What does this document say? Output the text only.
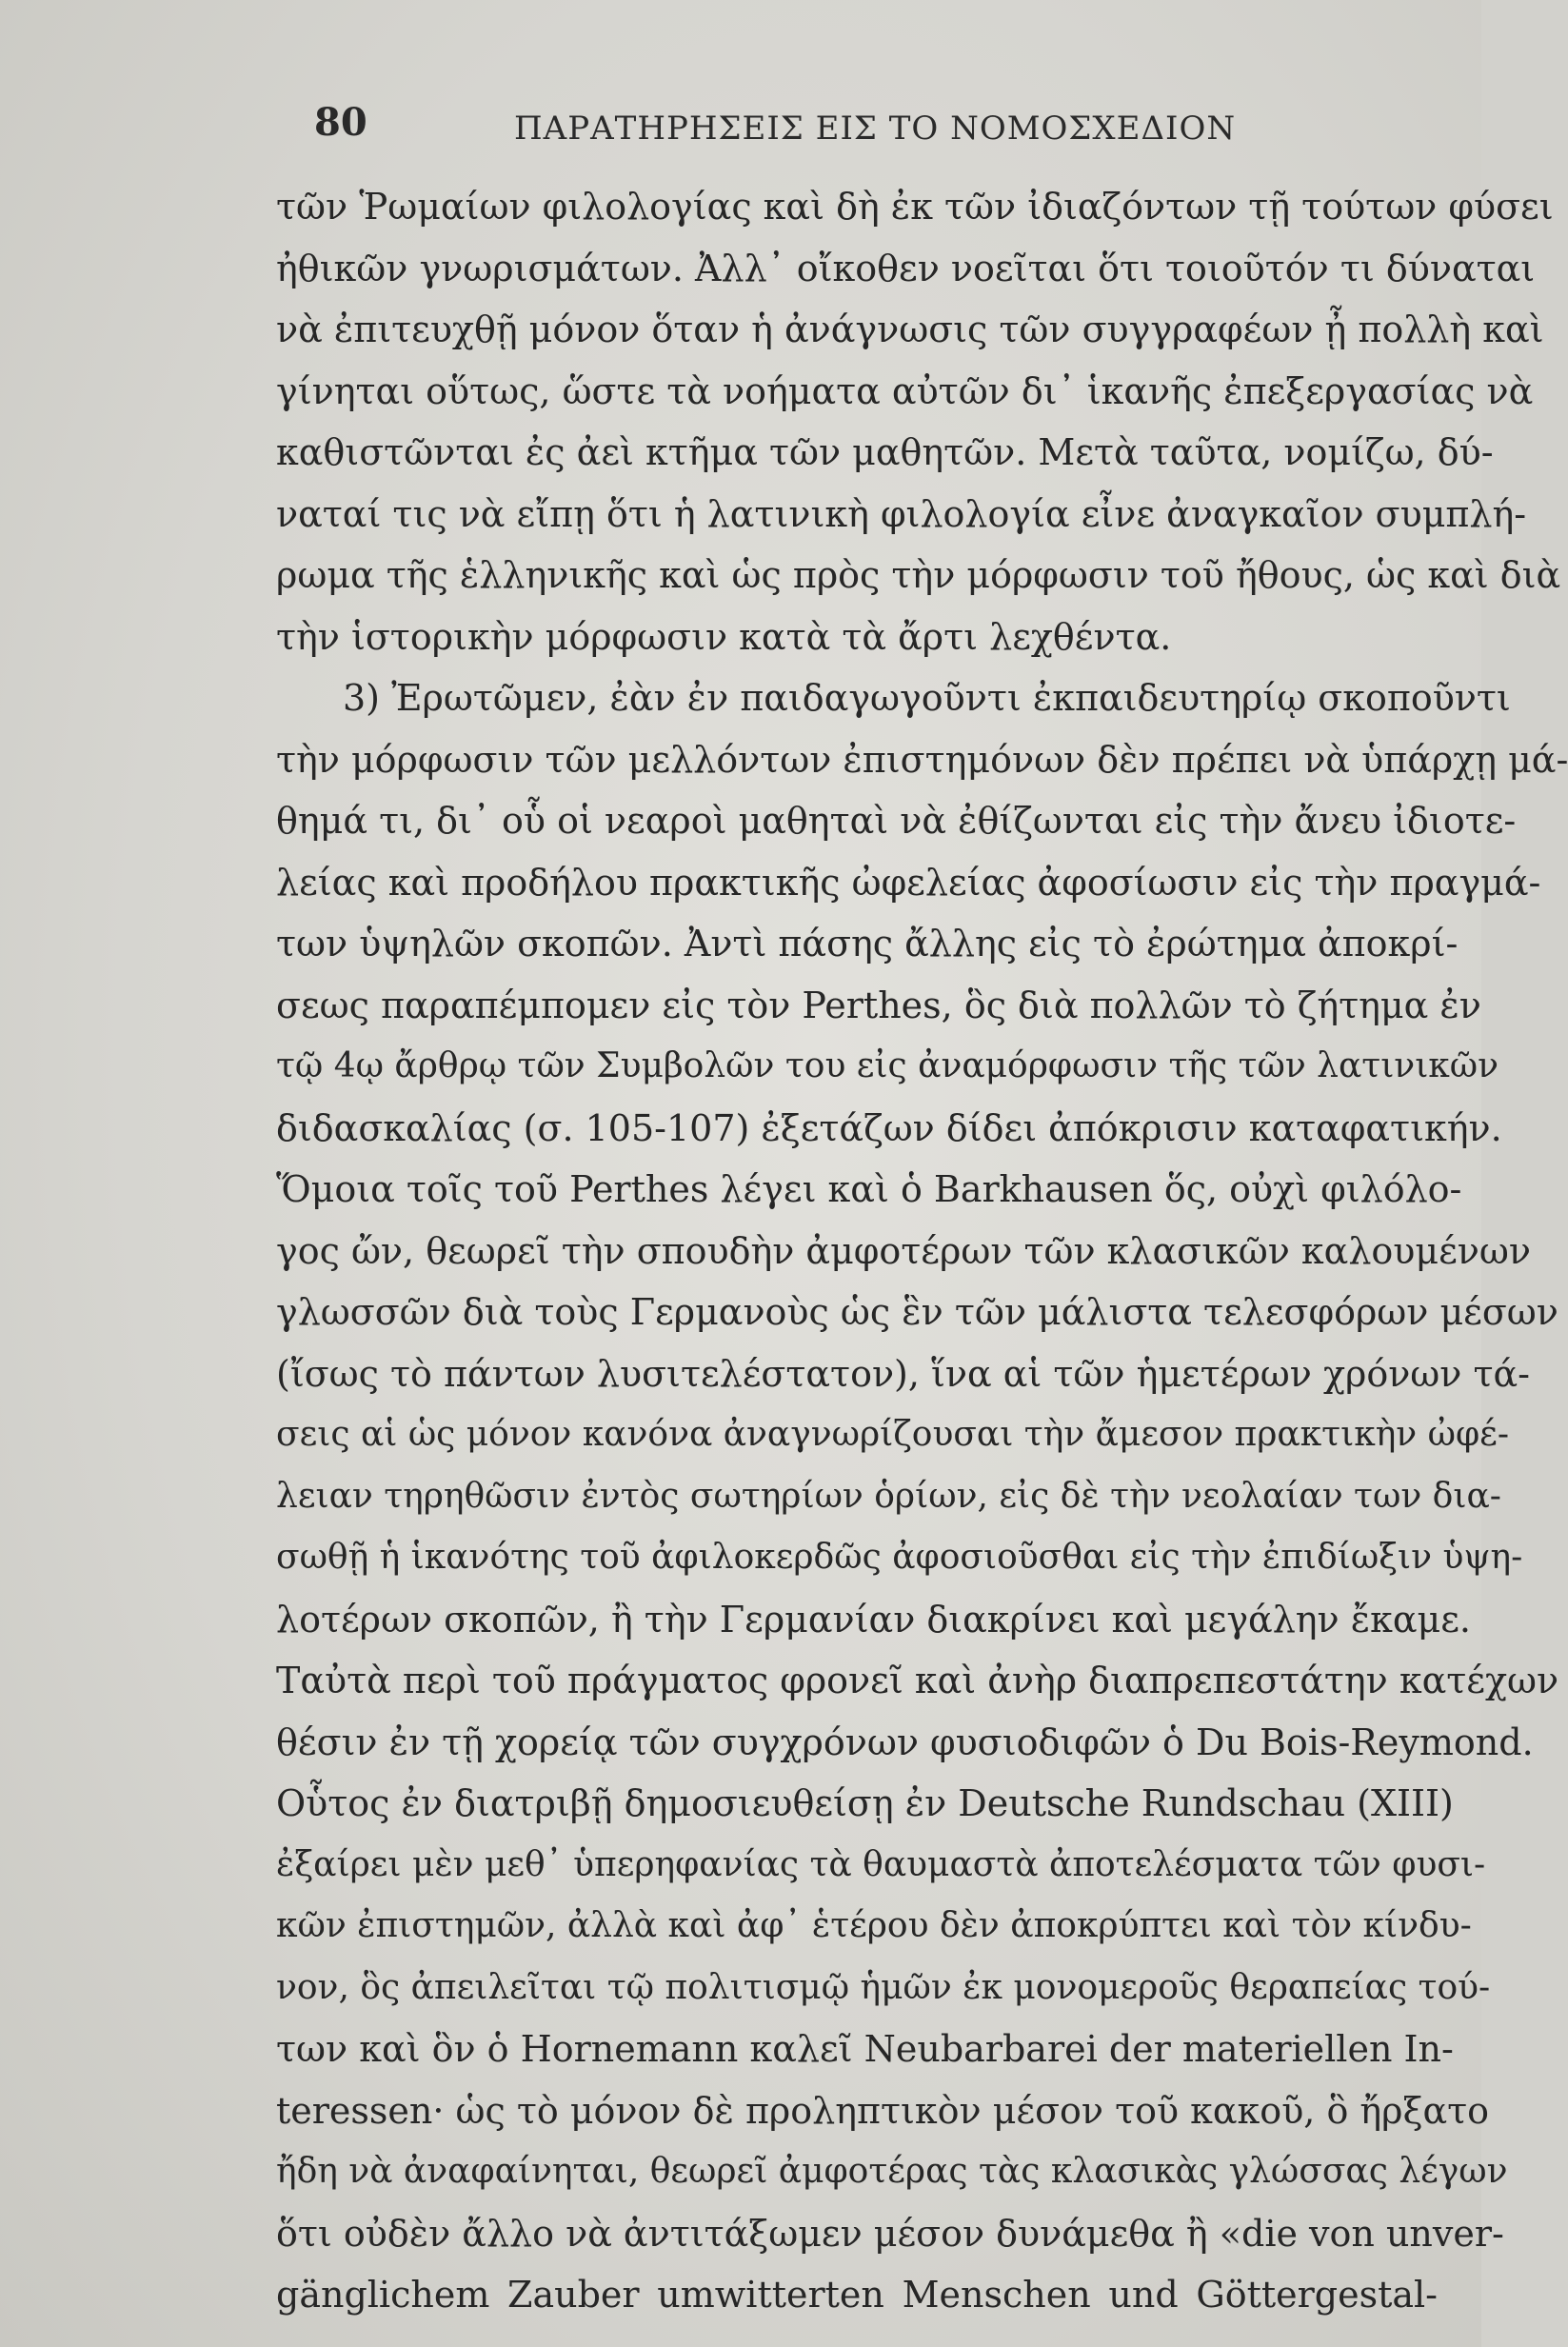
80	ΠΑΡΑΤΗΡΗΣΕΙΣ ΕΙΣ ΤΟ ΝΟΜΟΣΧΕΔΙΟΝ
τῶν Ῥωμαίων φιλολογίας καὶ δὴ ἐκ τῶν ἰδιαζόντων τῇ τούτων φύσει
ἠθικῶν γνωρισμάτων. Ἀλλ᾽ οἴκοθεν νοεῖται ὅτι τοιοῦτόν τι δύναται
νὰ ἐπιτευχθῇ μόνον ὅταν ἡ ἀνάγνωσις τῶν συγγραφέων ᾖ πολλὴ καὶ
γίνηται οὕτως, ὥστε τὰ νοήματα αὐτῶν δι᾽ ἱκανῆς ἐπεξεργασίας νὰ
καθιστῶνται ἐς ἀεὶ κτῆμα τῶν μαθητῶν. Μετὰ ταῦτα, νομίζω, δύ-
ναταί τις νὰ εἴπῃ ὅτι ἡ λατινικὴ φιλολογία εἶνε ἀναγκαῖον συμπλή-
ρωμα τῆς ἑλληνικῆς καὶ ὡς πρὸς τὴν μόρφωσιν τοῦ ἤθους, ὡς καὶ διὰ
τὴν ἱστορικὴν μόρφωσιν κατὰ τὰ ἄρτι λεχθέντα.
3) Ἐρωτῶμεν, ἐὰν ἐν παιδαγωγοῦντι ἐκπαιδευτηρίῳ σκοποῦντι
τὴν μόρφωσιν τῶν μελλόντων ἐπιστημόνων δὲν πρέπει νὰ ὑπάρχῃ μά-
θημά τι, δι᾽ οὗ οἱ νεαροὶ μαθηταὶ νὰ ἐθίζωνται εἰς τὴν ἄνευ ἰδιοτε-
λείας καὶ προδήλου πρακτικῆς ὠφελείας ἀφοσίωσιν εἰς τὴν πραγμά-
των ὑψηλῶν σκοπῶν. Ἀντὶ πάσης ἄλλης εἰς τὸ ἐρώτημα ἀποκρί-
σεως παραπέμπομεν εἰς τὸν Perthes, ὃς διὰ πολλῶν τὸ ζήτημα ἐν
τῷ 4ῳ ἄρθρῳ τῶν Συμβολῶν του εἰς ἀναμόρφωσιν τῆς τῶν λατινικῶν
διδασκαλίας (σ. 105-107) ἐξετάζων δίδει ἀπόκρισιν καταφατικήν.
Ὅμοια τοῖς τοῦ Perthes λέγει καὶ ὁ Barkhausen ὅς, οὐχὶ φιλόλο-
γος ὤν, θεωρεῖ τὴν σπουδὴν ἀμφοτέρων τῶν κλασικῶν καλουμένων
γλωσσῶν διὰ τοὺς Γερμανοὺς ὡς ἓν τῶν μάλιστα τελεσφόρων μέσων
(ἴσως τὸ πάντων λυσιτελέστατον), ἵνα αἱ τῶν ἡμετέρων χρόνων τά-
σεις αἱ ὡς μόνον κανόνα ἀναγνωρίζουσαι τὴν ἄμεσον πρακτικὴν ὠφέ-
λειαν τηρηθῶσιν ἐντὸς σωτηρίων ὁρίων, εἰς δὲ τὴν νεολαίαν των δια-
σωθῇ ἡ ἱκανότης τοῦ ἀφιλοκερδῶς ἀφοσιοῦσθαι εἰς τὴν ἐπιδίωξιν ὑψη-
λοτέρων σκοπῶν, ἢ τὴν Γερμανίαν διακρίνει καὶ μεγάλην ἔκαμε.
Ταὐτὰ περὶ τοῦ πράγματος φρονεῖ καὶ ἀνὴρ διαπρεπεστάτην κατέχων
θέσιν ἐν τῇ χορείᾳ τῶν συγχρόνων φυσιοδιφῶν ὁ Du Bois-Reymond.
Οὗτος ἐν διατριβῇ δημοσιευθείσῃ ἐν Deutsche Rundschau (XIII)
ἐξαίρει μὲν μεθ᾽ ὑπερηφανίας τὰ θαυμαστὰ ἀποτελέσματα τῶν φυσι-
κῶν ἐπιστημῶν, ἀλλὰ καὶ ἀφ᾽ ἑτέρου δὲν ἀποκρύπτει καὶ τὸν κίνδυ-
νον, ὃς ἀπειλεῖται τῷ πολιτισμῷ ἡμῶν ἐκ μονομεροῦς θεραπείας τού-
των καὶ ὃν ὁ Hornemann καλεῖ Neubarbarei der materiellen In-
teressen· ὡς τὸ μόνον δὲ προληπτικὸν μέσον τοῦ κακοῦ, ὃ ἤρξατο
ἤδη νὰ ἀναφαίνηται, θεωρεῖ ἀμφοτέρας τὰς κλασικὰς γλώσσας λέγων
ὅτι οὐδὲν ἄλλο νὰ ἀντιτάξωμεν μέσον δυνάμεθα ἢ «die von unver-
gänglichem Zauber umwitterten Menschen und Göttergestal-
